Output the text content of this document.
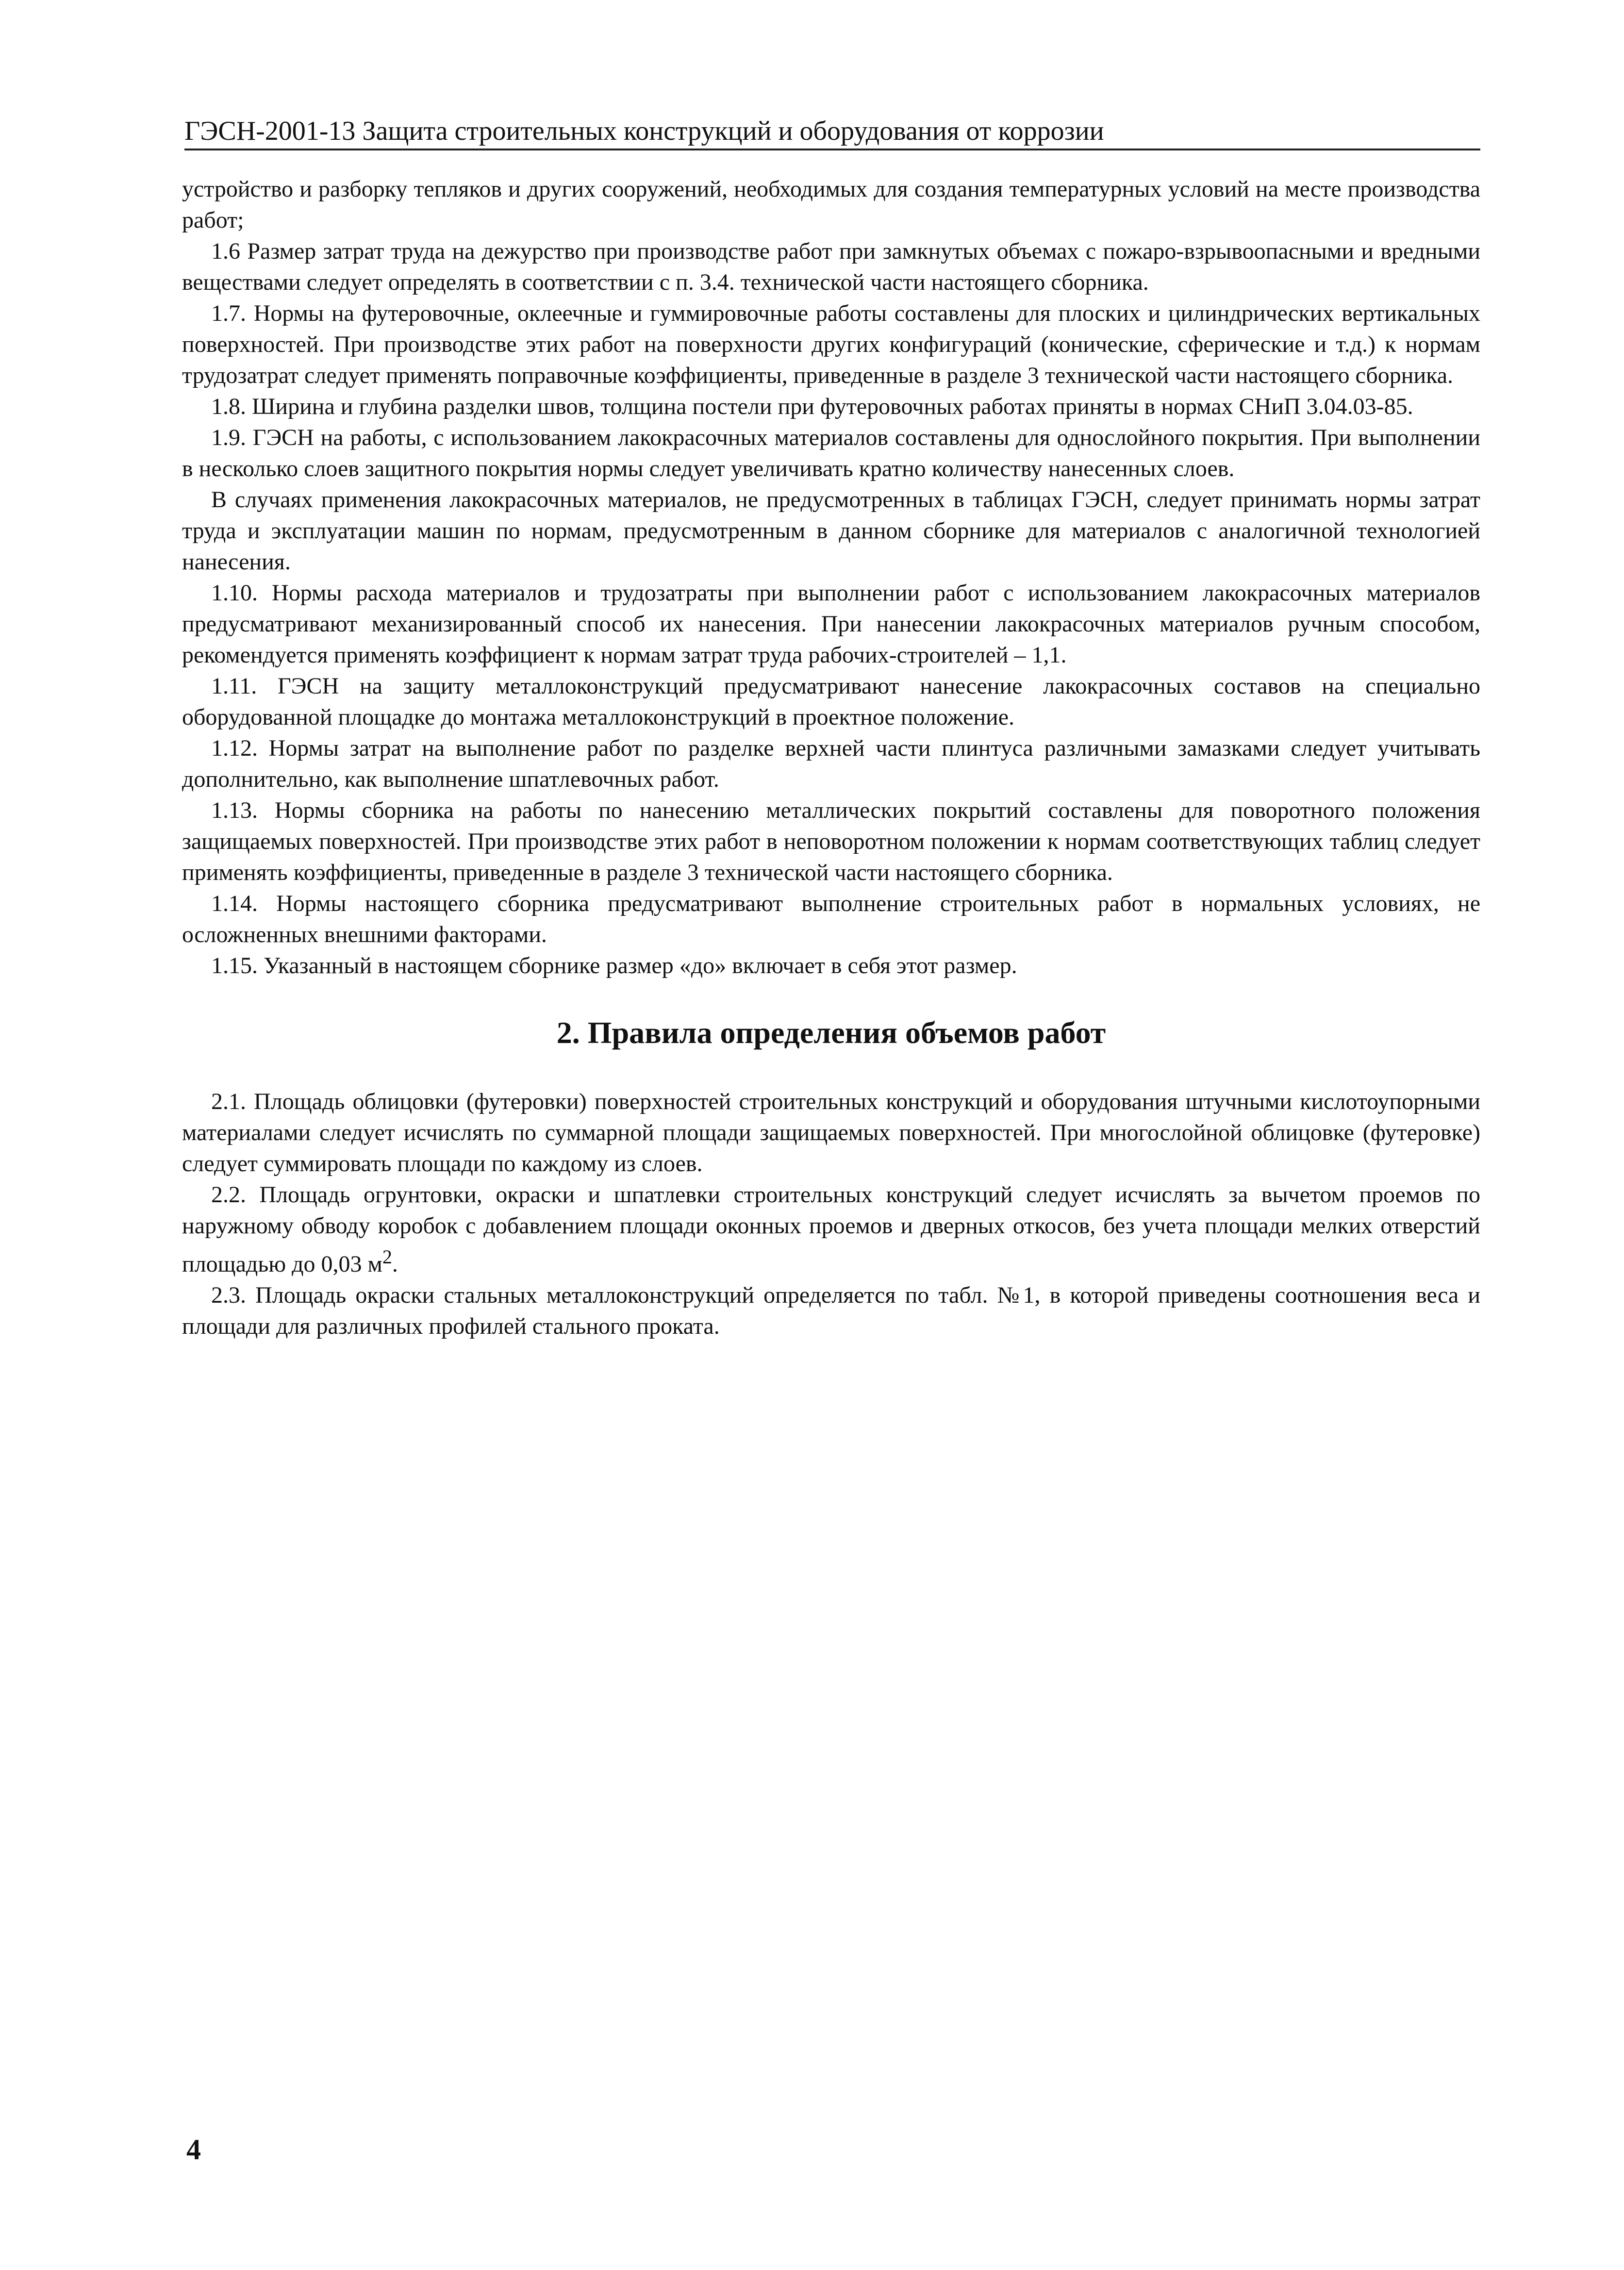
ГЭСН-2001-13 Защита строительных конструкций и оборудования от коррозии

устройство и разборку тепляков и других сооружений, необходимых для создания температурных условий на месте производства работ;

1.6 Размер затрат труда на дежурство при производстве работ при замкнутых объемах с пожаро-взрывоопасными и вредными веществами следует определять в соответствии с п. 3.4. технической части настоящего сборника.

1.7. Нормы на футеровочные, оклеечные и гуммировочные работы составлены для плоских и цилиндрических вертикальных поверхностей. При производстве этих работ на поверхности других конфигураций (конические, сферические и т.д.) к нормам трудозатрат следует применять поправочные коэффициенты, приведенные в разделе 3 технической части настоящего сборника.

1.8. Ширина и глубина разделки швов, толщина постели при футеровочных работах приняты в нормах СНиП 3.04.03-85.

1.9. ГЭСН на работы, с использованием лакокрасочных материалов составлены для однослойного покрытия. При выполнении в несколько слоев защитного покрытия нормы следует увеличивать кратно количеству нанесенных слоев.

В случаях применения лакокрасочных материалов, не предусмотренных в таблицах ГЭСН, следует принимать нормы затрат труда и эксплуатации машин по нормам, предусмотренным в данном сборнике для материалов с аналогичной технологией нанесения.

1.10. Нормы расхода материалов и трудозатраты при выполнении работ с использованием лакокрасочных материалов предусматривают механизированный способ их нанесения. При нанесении лакокрасочных материалов ручным способом, рекомендуется применять коэффициент к нормам затрат труда рабочих-строителей – 1,1.

1.11. ГЭСН на защиту металлоконструкций предусматривают нанесение лакокрасочных составов на специально оборудованной площадке до монтажа металлоконструкций в проектное положение.

1.12. Нормы затрат на выполнение работ по разделке верхней части плинтуса различными замазками следует учитывать дополнительно, как выполнение шпатлевочных работ.

1.13. Нормы сборника на работы по нанесению металлических покрытий составлены для поворотного положения защищаемых поверхностей. При производстве этих работ в неповоротном положении к нормам соответствующих таблиц следует применять коэффициенты, приведенные в разделе 3 технической части настоящего сборника.

1.14. Нормы настоящего сборника предусматривают выполнение строительных работ в нормальных условиях, не осложненных внешними факторами.

1.15. Указанный в настоящем сборнике размер «до» включает в себя этот размер.

2. Правила определения объемов работ

2.1. Площадь облицовки (футеровки) поверхностей строительных конструкций и оборудования штучными кислотоупорными материалами следует исчислять по суммарной площади защищаемых поверхностей. При многослойной облицовке (футеровке) следует суммировать площади по каждому из слоев.

2.2. Площадь огрунтовки, окраски и шпатлевки строительных конструкций следует исчислять за вычетом проемов по наружному обводу коробок с добавлением площади оконных проемов и дверных откосов, без учета площади мелких отверстий площадью до 0,03 $м^2$.

2.3. Площадь окраски стальных металлоконструкций определяется по табл. №1, в которой приведены соотношения веса и площади для различных профилей стального проката.

4
